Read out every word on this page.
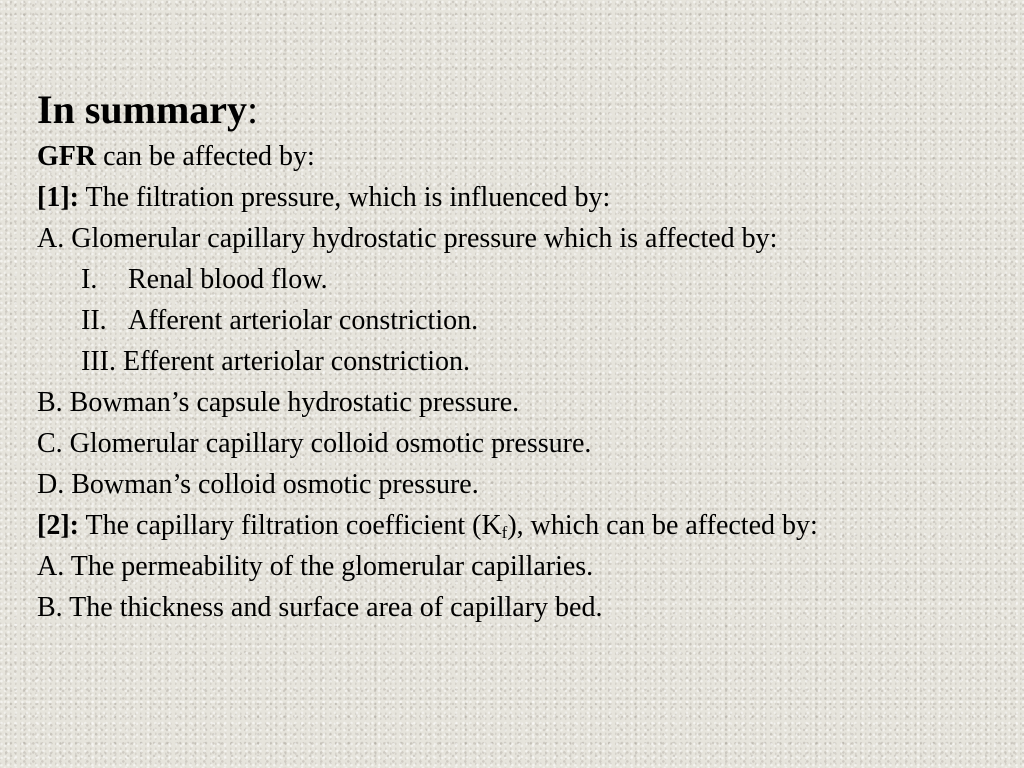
In summary:
GFR can be affected by:
[1]: The filtration pressure, which is influenced by:
A. Glomerular capillary hydrostatic pressure which is affected by:
I. Renal blood flow.
II. Afferent arteriolar constriction.
III. Efferent arteriolar constriction.
B. Bowman’s capsule hydrostatic pressure.
C. Glomerular capillary colloid osmotic pressure.
D. Bowman’s colloid osmotic pressure.
[2]: The capillary filtration coefficient $(K_f)$, which can be affected by:
A. The permeability of the glomerular capillaries.
B. The thickness and surface area of capillary bed.
